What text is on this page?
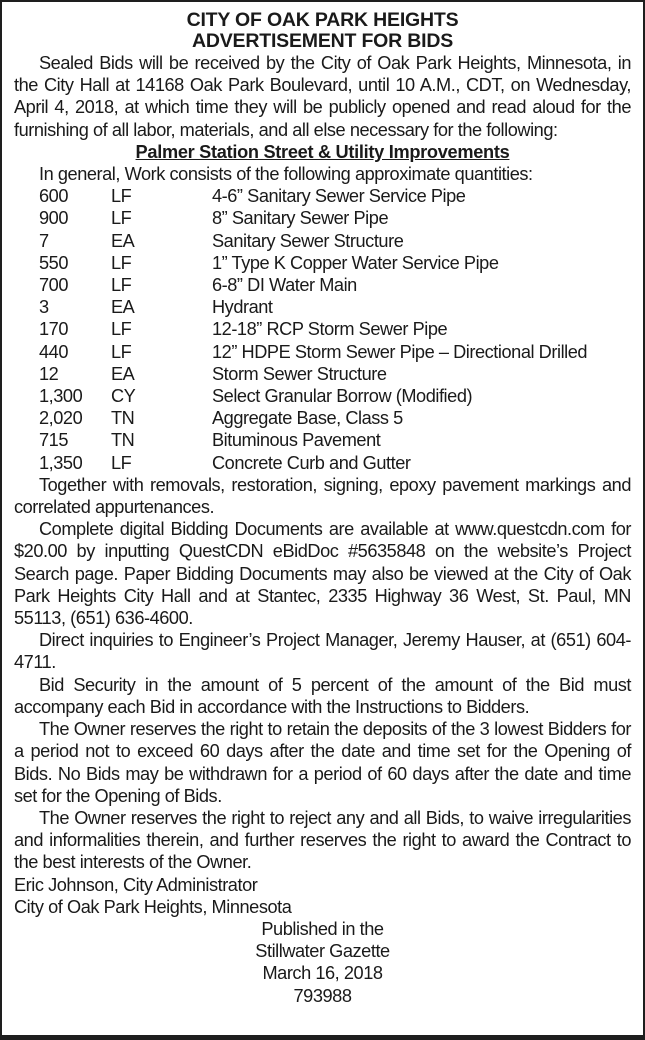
CITY OF OAK PARK HEIGHTS
ADVERTISEMENT FOR BIDS

Sealed Bids will be received by the City of Oak Park Heights, Minnesota, in the City Hall at 14168 Oak Park Boulevard, until 10 A.M., CDT, on Wednesday, April 4, 2018, at which time they will be publicly opened and read aloud for the furnishing of all labor, materials, and all else necessary for the following:

Palmer Station Street & Utility Improvements

In general, Work consists of the following approximate quantities:

600	LF	4-6” Sanitary Sewer Service Pipe
900	LF	8” Sanitary Sewer Pipe
7	EA	Sanitary Sewer Structure
550	LF	1” Type K Copper Water Service Pipe
700	LF	6-8” DI Water Main
3	EA	Hydrant
170	LF	12-18” RCP Storm Sewer Pipe
440	LF	12” HDPE Storm Sewer Pipe – Directional Drilled
12	EA	Storm Sewer Structure
1,300	CY	Select Granular Borrow (Modified)
2,020	TN	Aggregate Base, Class 5
715	TN	Bituminous Pavement
1,350	LF	Concrete Curb and Gutter

Together with removals, restoration, signing, epoxy pavement markings and correlated appurtenances.

Complete digital Bidding Documents are available at www.questcdn.com for $20.00 by inputting QuestCDN eBidDoc #5635848 on the website’s Project Search page. Paper Bidding Documents may also be viewed at the City of Oak Park Heights City Hall and at Stantec, 2335 Highway 36 West, St. Paul, MN 55113, (651) 636-4600.

Direct inquiries to Engineer’s Project Manager, Jeremy Hauser, at (651) 604-4711.

Bid Security in the amount of 5 percent of the amount of the Bid must accompany each Bid in accordance with the Instructions to Bidders.

The Owner reserves the right to retain the deposits of the 3 lowest Bidders for a period not to exceed 60 days after the date and time set for the Opening of Bids. No Bids may be withdrawn for a period of 60 days after the date and time set for the Opening of Bids.

The Owner reserves the right to reject any and all Bids, to waive irregularities and informalities therein, and further reserves the right to award the Contract to the best interests of the Owner.

Eric Johnson, City Administrator
City of Oak Park Heights, Minnesota
Published in the
Stillwater Gazette
March 16, 2018
793988
